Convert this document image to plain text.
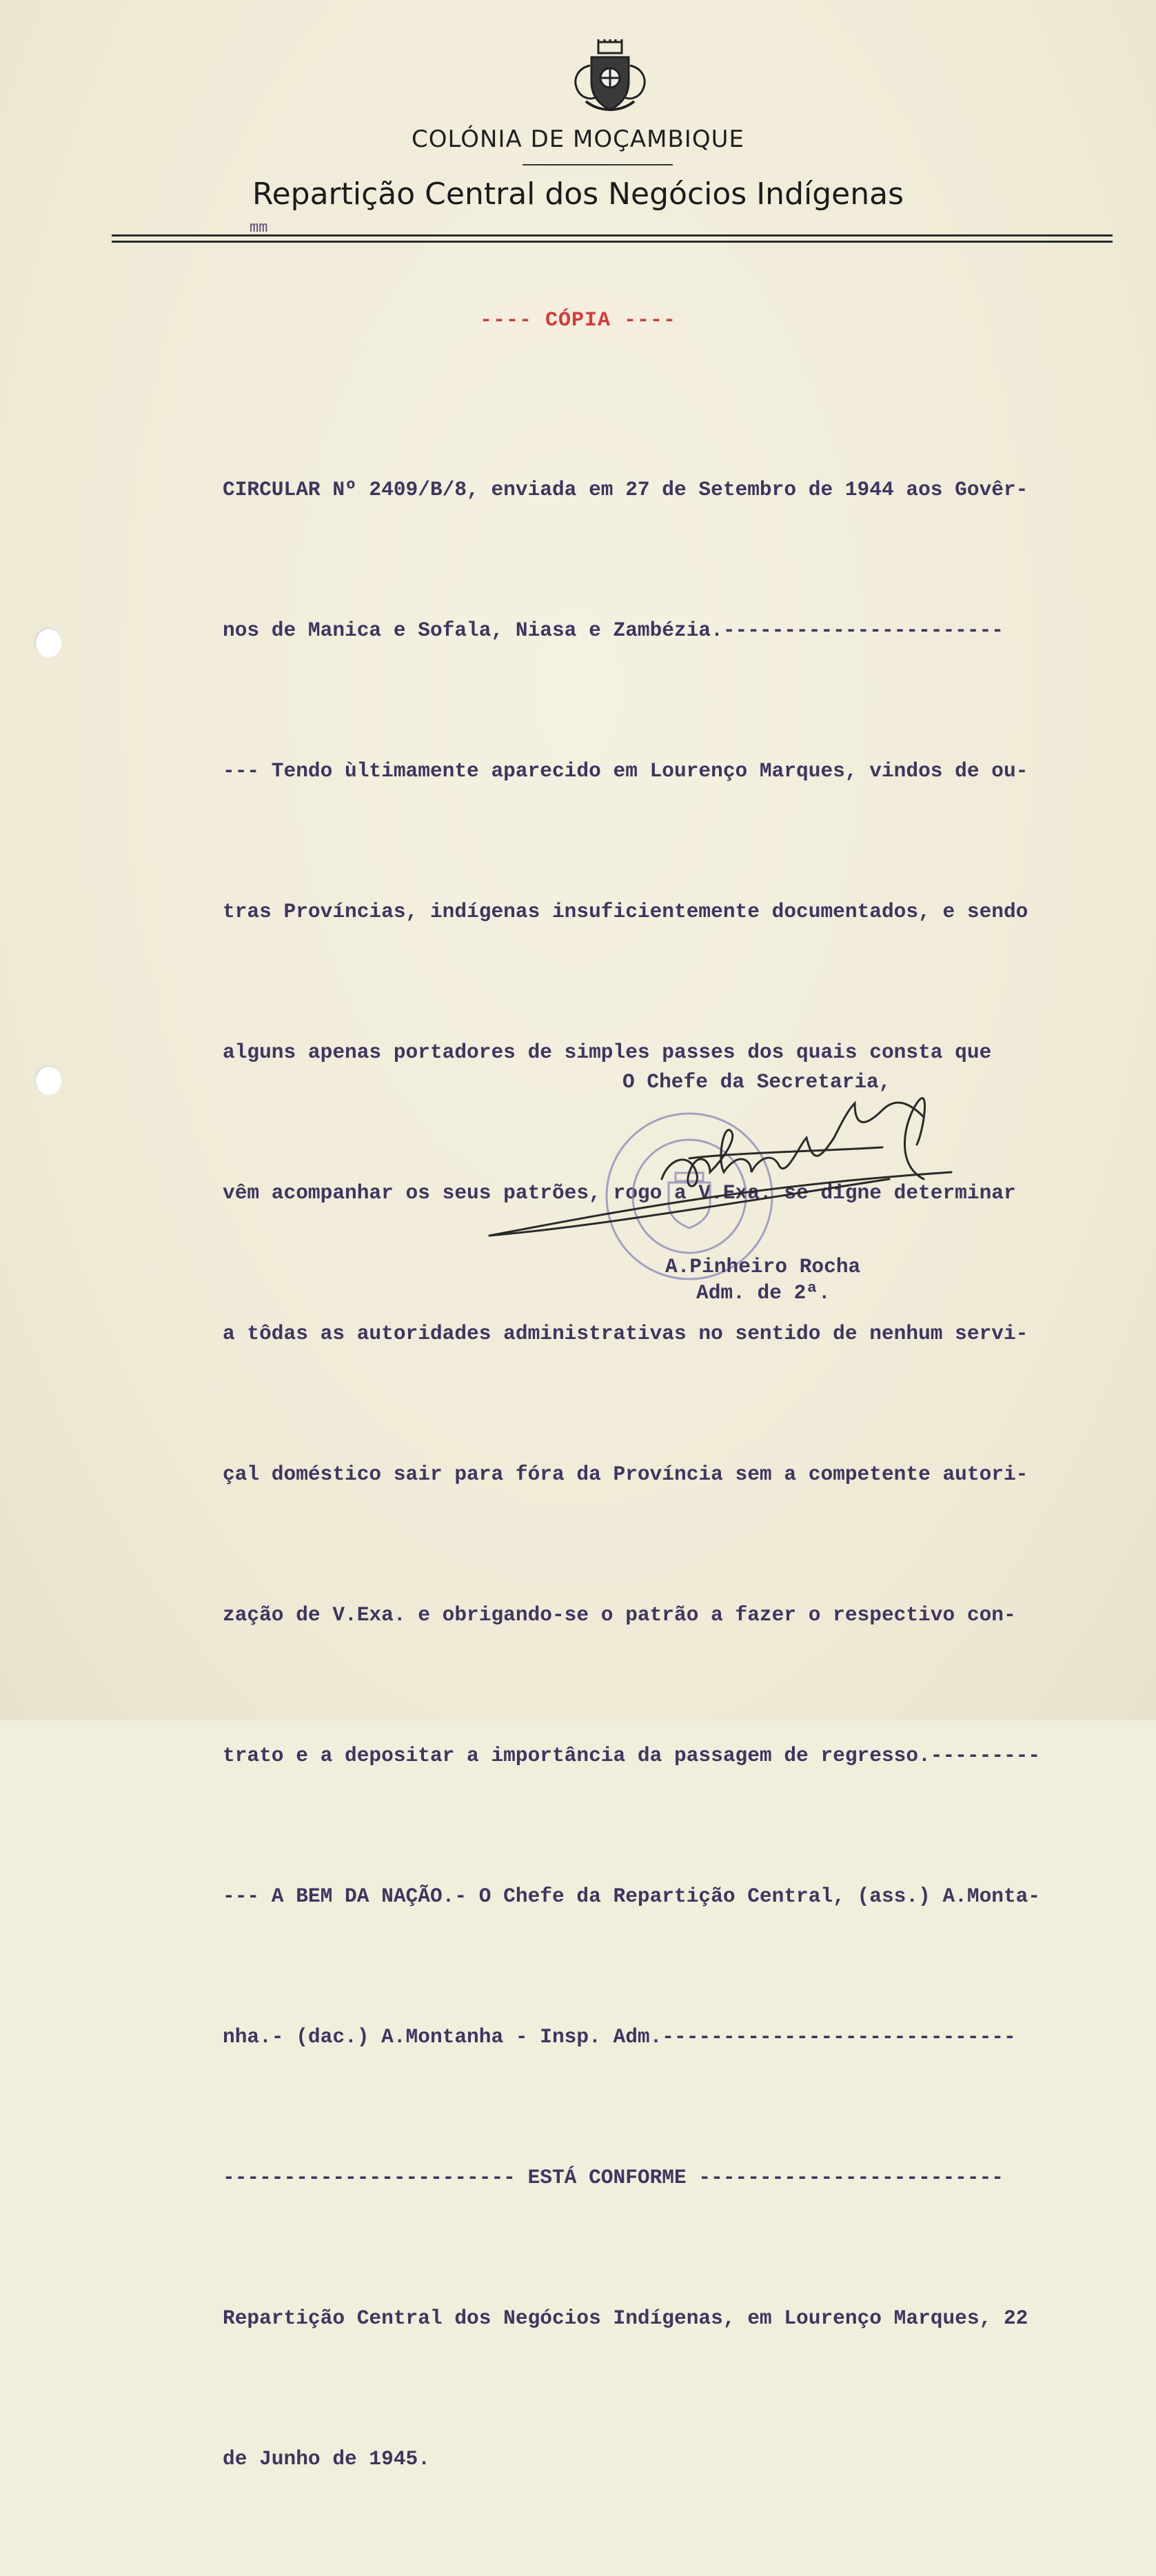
COLÓNIA DE MOÇAMBIQUE
Repartição Central dos Negócios Indígenas
mm
---- CÓPIA ----

CIRCULAR Nº 2409/B/8, enviada em 27 de Setembro de 1944 aos Govêr-

nos de Manica e Sofala, Niasa e Zambézia.-----------------------

--- Tendo ùltimamente aparecido em Lourenço Marques, vindos de ou-

tras Províncias, indígenas insuficientemente documentados, e sendo

alguns apenas portadores de simples passes dos quais consta que

vêm acompanhar os seus patrões, rogo a V.Exa. se digne determinar

a tôdas as autoridades administrativas no sentido de nenhum servi-

çal doméstico sair para fóra da Província sem a competente autori-

zação de V.Exa. e obrigando-se o patrão a fazer o respectivo con-

trato e a depositar a importância da passagem de regresso.---------

--- A BEM DA NAÇÃO.- O Chefe da Repartição Central, (ass.) A.Monta-

nha.- (dac.) A.Montanha - Insp. Adm.-----------------------------

------------------------ ESTÁ CONFORME -------------------------

Repartição Central dos Negócios Indígenas, em Lourenço Marques, 22

de Junho de 1945.

O Chefe da Secretaria,
A.Pinheiro Rocha
Adm. de 2ª.
